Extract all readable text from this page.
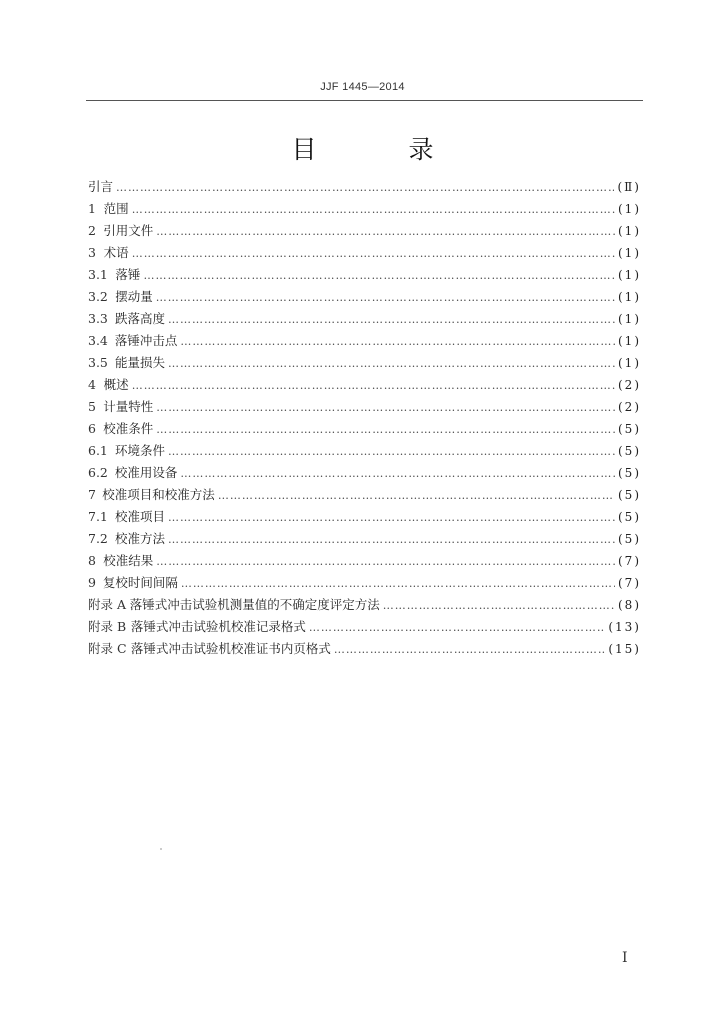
JJF 1445—2014
目 录
引言 …………………………………………………………………………………………………………………………………………………………………………………………………	(Ⅱ)
1 范围 …………………………………………………………………………………………………………………………………………………………………………………………………	(1)
2 引用文件 …………………………………………………………………………………………………………………………………………………………………………………………………	(1)
3 术语 …………………………………………………………………………………………………………………………………………………………………………………………………	(1)
3.1 落锤 …………………………………………………………………………………………………………………………………………………………………………………………………	(1)
3.2 摆动量 …………………………………………………………………………………………………………………………………………………………………………………………………	(1)
3.3 跌落高度 …………………………………………………………………………………………………………………………………………………………………………………………………	(1)
3.4 落锤冲击点 …………………………………………………………………………………………………………………………………………………………………………………………………	(1)
3.5 能量损失 …………………………………………………………………………………………………………………………………………………………………………………………………	(1)
4 概述 …………………………………………………………………………………………………………………………………………………………………………………………………	(2)
5 计量特性 …………………………………………………………………………………………………………………………………………………………………………………………………	(2)
6 校准条件 …………………………………………………………………………………………………………………………………………………………………………………………………	(5)
6.1 环境条件 …………………………………………………………………………………………………………………………………………………………………………………………………	(5)
6.2 校准用设备 …………………………………………………………………………………………………………………………………………………………………………………………………	(5)
7 校准项目和校准方法 …………………………………………………………………………………………………………………………………………………………………………………………………	(5)
7.1 校准项目 …………………………………………………………………………………………………………………………………………………………………………………………………	(5)
7.2 校准方法 …………………………………………………………………………………………………………………………………………………………………………………………………	(5)
8 校准结果 …………………………………………………………………………………………………………………………………………………………………………………………………	(7)
9 复校时间间隔 …………………………………………………………………………………………………………………………………………………………………………………………………	(7)
附录 A 落锤式冲击试验机测量值的不确定度评定方法 …………………………………………………………………………………………………………………………………………………………………………………………………	(8)
附录 B 落锤式冲击试验机校准记录格式 …………………………………………………………………………………………………………………………………………………………………………………………………	(13)
附录 C 落锤式冲击试验机校准证书内页格式 …………………………………………………………………………………………………………………………………………………………………………………………………	(15)
I
